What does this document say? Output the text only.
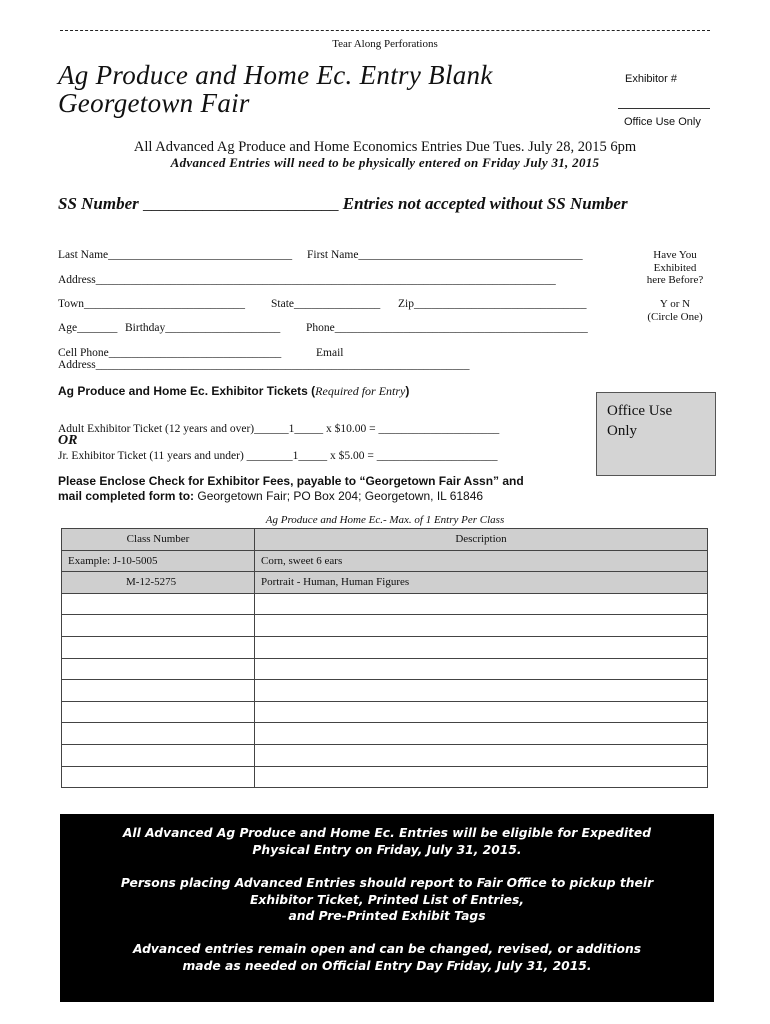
Tear Along Perforations
Ag Produce and Home Ec. Entry Blank
Georgetown Fair
Exhibitor #
Office Use Only
All Advanced Ag Produce and Home Economics Entries Due Tues. July 28, 2015 6pm
Advanced Entries will need to be physically entered on Friday July 31, 2015
SS Number _______________________ Entries not accepted without SS Number
Last Name________________________________ First Name_______________________________________
Address________________________________________________________________________________
Town____________________________ State_______________ Zip______________________________
Age_______ Birthday____________________ Phone____________________________________________
Cell Phone______________________________	Email
Address_________________________________________________________________
Have You
Exhibited
here Before?
Y or N
(Circle One)
Ag Produce and Home Ec. Exhibitor Tickets (Required for Entry)
Office Use Only
Adult Exhibitor Ticket (12 years and over)______1_____ x $10.00 = _____________________
OR
Jr. Exhibitor Ticket (11 years and under) ________1_____ x $5.00 = _____________________
Please Enclose Check for Exhibitor Fees, payable to “Georgetown Fair Assn” and
mail completed form to: Georgetown Fair; PO Box 204; Georgetown, IL 61846
Ag Produce and Home Ec.- Max. of 1 Entry Per Class
Class Number	Description
Example: J-10-5005	Corn, sweet 6 ears
M-12-5275	Portrait - Human, Human Figures

All Advanced Ag Produce and Home Ec. Entries will be eligible for Expedited
Physical Entry on Friday, July 31, 2015.
Persons placing Advanced Entries should report to Fair Office to pickup their
Exhibitor Ticket, Printed List of Entries,
and Pre-Printed Exhibit Tags
Advanced entries remain open and can be changed, revised, or additions
made as needed on Official Entry Day Friday, July 31, 2015.
